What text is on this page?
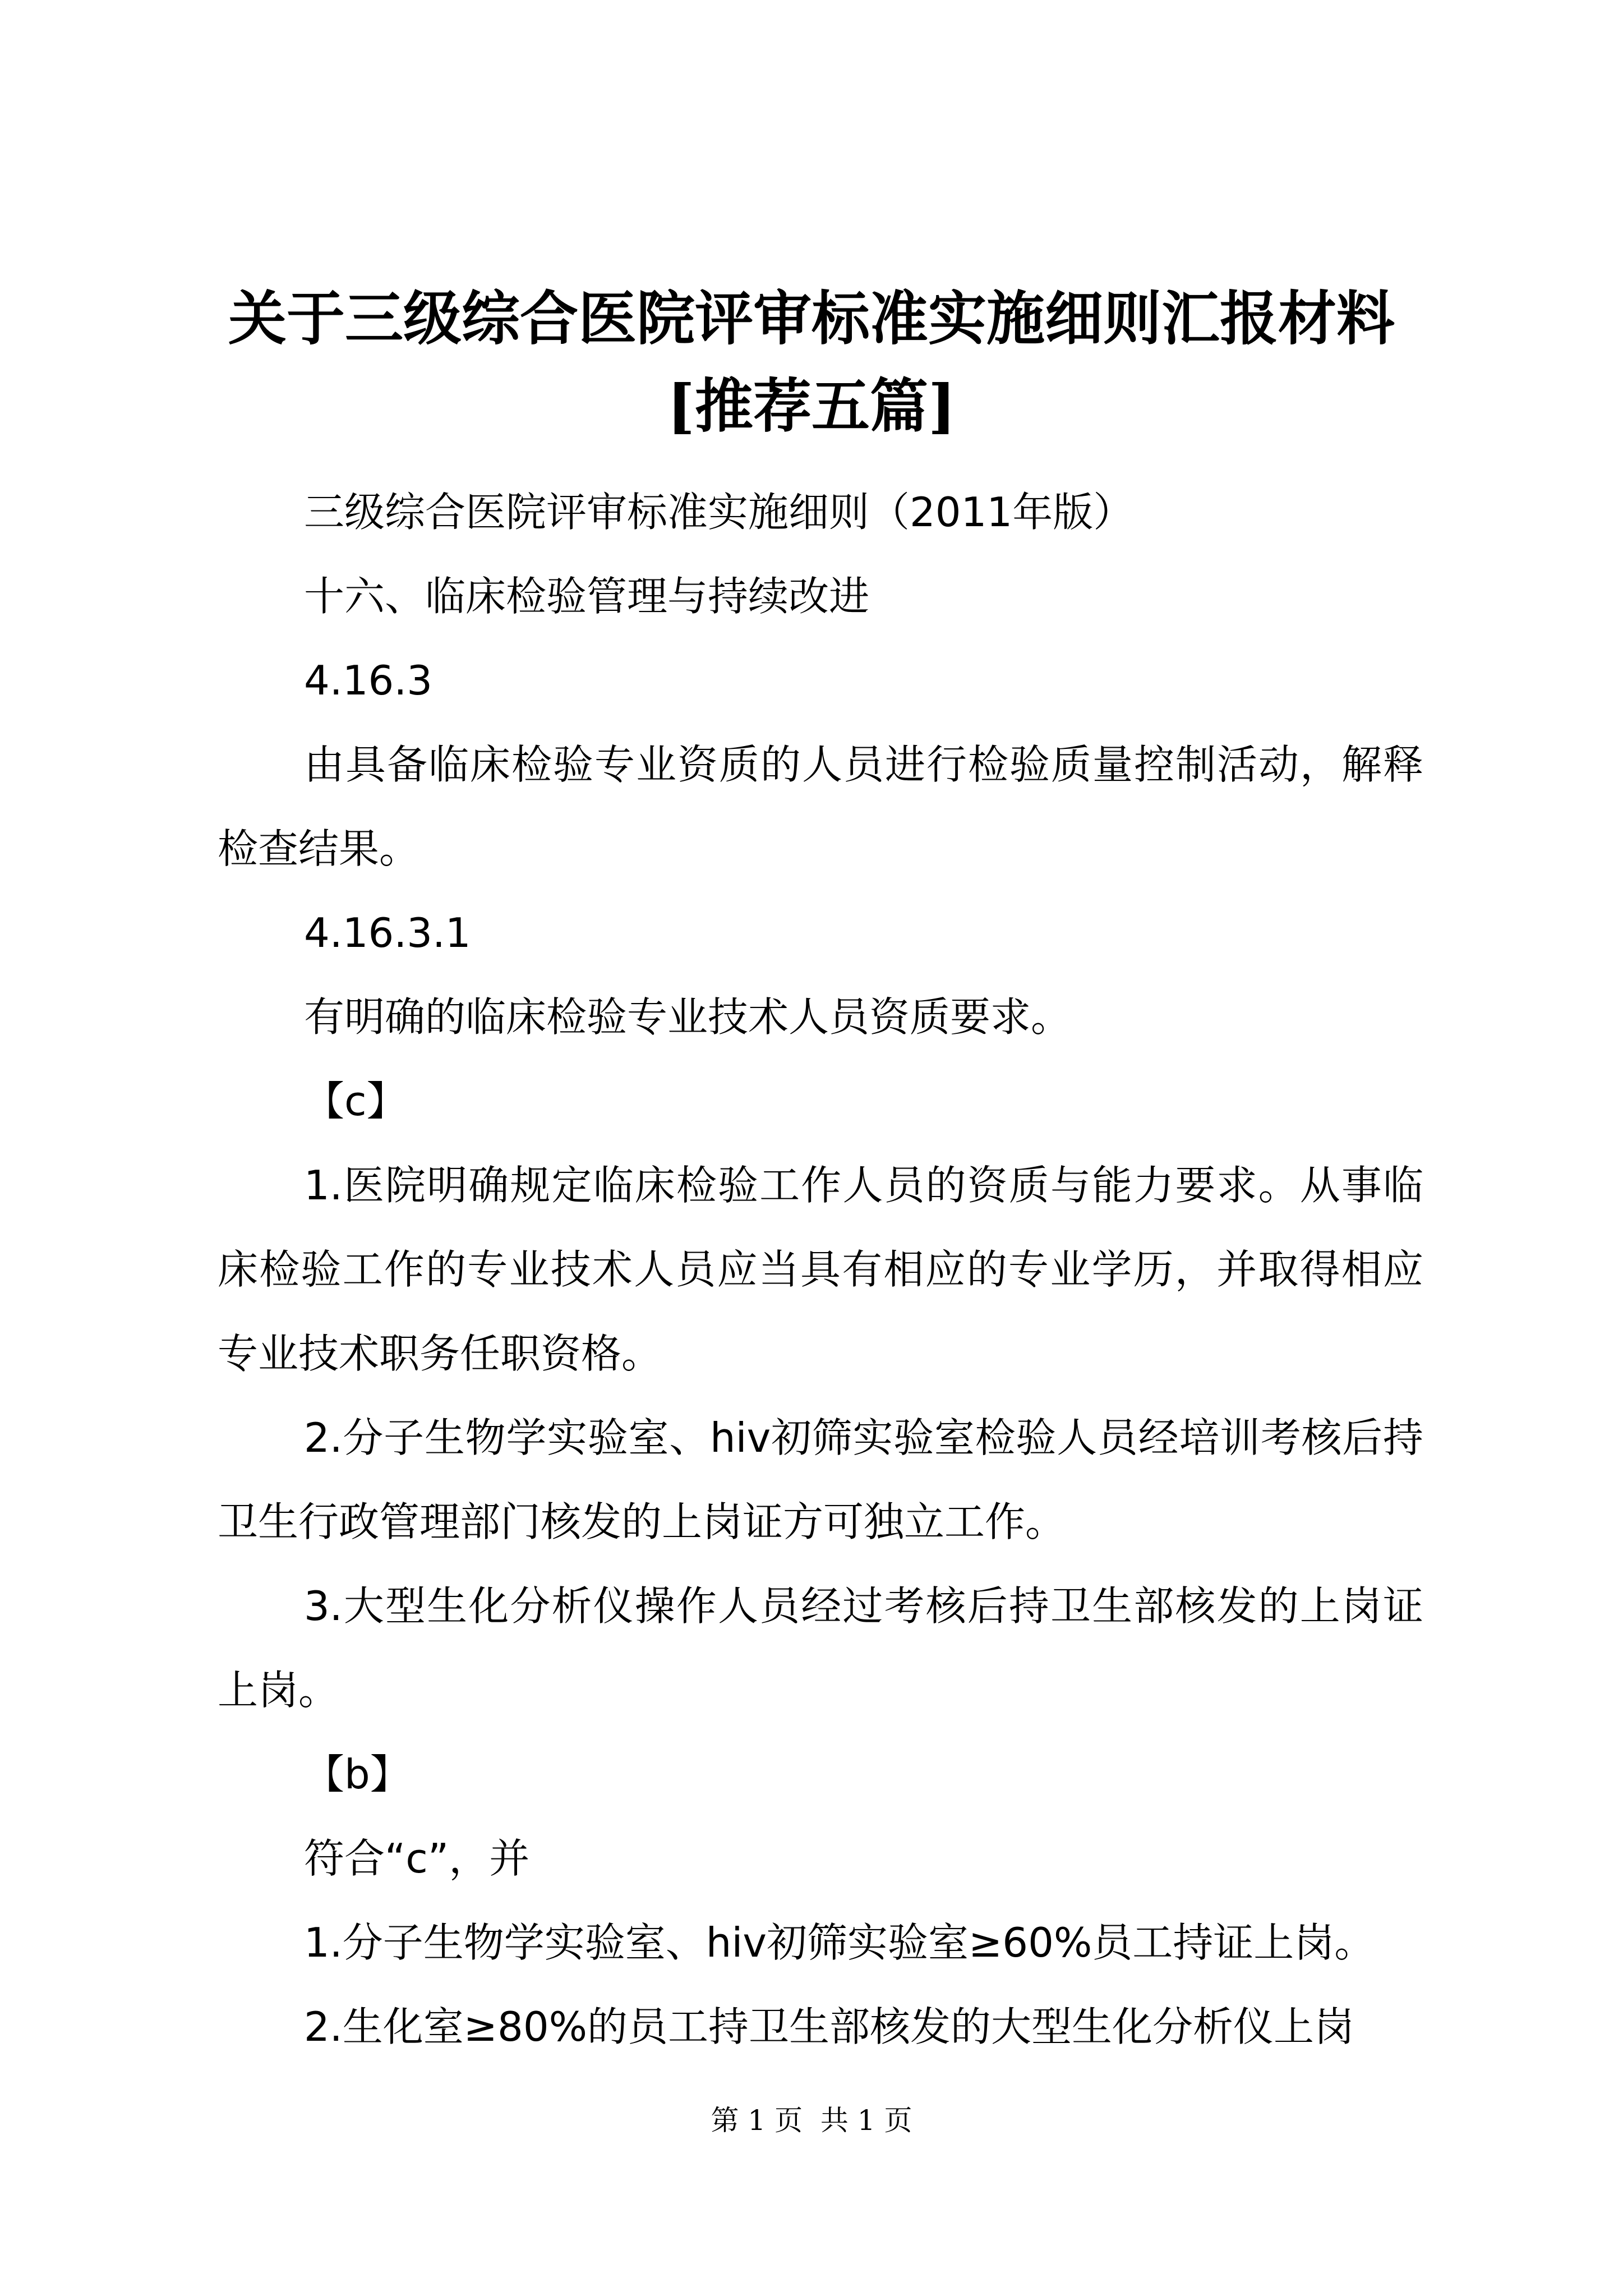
关于三级综合医院评审标准实施细则汇报材料
[推荐五篇]

三级综合医院评审标准实施细则（2011年版）

十六、临床检验管理与持续改进

4.16.3

由具备临床检验专业资质的人员进行检验质量控制活动，解释检查结果。

4.16.3.1

有明确的临床检验专业技术人员资质要求。

【c】

1.医院明确规定临床检验工作人员的资质与能力要求。从事临床检验工作的专业技术人员应当具有相应的专业学历，并取得相应专业技术职务任职资格。

2.分子生物学实验室、hiv初筛实验室检验人员经培训考核后持卫生行政管理部门核发的上岗证方可独立工作。

3.大型生化分析仪操作人员经过考核后持卫生部核发的上岗证上岗。

【b】

符合“c”，并

1.分子生物学实验室、hiv初筛实验室≥60%员工持证上岗。

2.生化室≥80%的员工持卫生部核发的大型生化分析仪上岗

第 1 页  共 1 页
